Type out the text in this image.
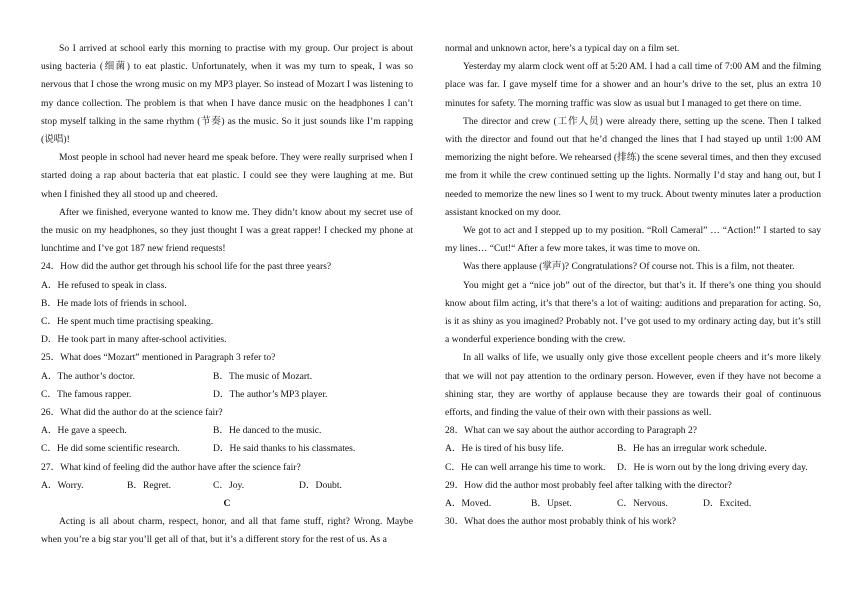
So I arrived at school early this morning to practise with my group. Our project is about using bacteria (细菌) to eat plastic. Unfortunately, when it was my turn to speak, I was so nervous that I chose the wrong music on my MP3 player. So instead of Mozart I was listening to my dance collection. The problem is that when I have dance music on the headphones I can’t stop myself talking in the same rhythm (节奏) as the music. So it just sounds like I’m rapping (说唱)!

Most people in school had never heard me speak before. They were really surprised when I started doing a rap about bacteria that eat plastic. I could see they were laughing at me. But when I finished they all stood up and cheered.

After we finished, everyone wanted to know me. They didn’t know about my secret use of the music on my headphones, so they just thought I was a great rapper! I checked my phone at lunchtime and I’ve got 187 new friend requests!

24．How did the author get through his school life for the past three years?

A．He refused to speak in class.

B．He made lots of friends in school.

C．He spent much time practising speaking.

D．He took part in many after-school activities.

25．What does “Mozart” mentioned in Paragraph 3 refer to?

A．The author’s doctor.	B．The music of Mozart.
C．The famous rapper.	D．The author’s MP3 player.

26．What did the author do at the science fair?

A．He gave a speech.	B．He danced to the music.
C．He did some scientific research.	D．He said thanks to his classmates.

27．What kind of feeling did the author have after the science fair?

A．Worry.	B．Regret.	C．Joy.	D．Doubt.

C

Acting is all about charm, respect, honor, and all that fame stuff, right? Wrong. Maybe when you’re a big star you’ll get all of that, but it’s a different story for the rest of us. As a

normal and unknown actor, here’s a typical day on a film set.

Yesterday my alarm clock went off at 5:20 AM. I had a call time of 7:00 AM and the filming place was far. I gave myself time for a shower and an hour’s drive to the set, plus an extra 10 minutes for safety. The morning traffic was slow as usual but I managed to get there on time.

The director and crew (工作人员) were already there, setting up the scene. Then I talked with the director and found out that he’d changed the lines that I had stayed up until 1:00 AM memorizing the night before. We rehearsed (排练) the scene several times, and then they excused me from it while the crew continued setting up the lights. Normally I’d stay and hang out, but I needed to memorize the new lines so I went to my truck. About twenty minutes later a production assistant knocked on my door.

We got to act and I stepped up to my position. “Roll Cameral” … “Action!” I started to say my lines… “Cut!“ After a few more takes, it was time to move on.

Was there applause (掌声)? Congratulations? Of course not. This is a film, not theater.

You might get a “nice job” out of the director, but that’s it. If there’s one thing you should know about film acting, it’s that there’s a lot of waiting: auditions and preparation for acting. So, is it as shiny as you imagined? Probably not. I’ve got used to my ordinary acting day, but it’s still a wonderful experience bonding with the crew.

In all walks of life, we usually only give those excellent people cheers and it’s more likely that we will not pay attention to the ordinary person. However, even if they have not become a shining star, they are worthy of applause because they are towards their goal of continuous efforts, and finding the value of their own with their passions as well.

28．What can we say about the author according to Paragraph 2?

A．He is tired of his busy life.	B．He has an irregular work schedule.
C．He can well arrange his time to work.	D．He is worn out by the long driving every day.

29．How did the author most probably feel after talking with the director?

A．Moved.	B．Upset.	C．Nervous.	D．Excited.

30．What does the author most probably think of his work?
